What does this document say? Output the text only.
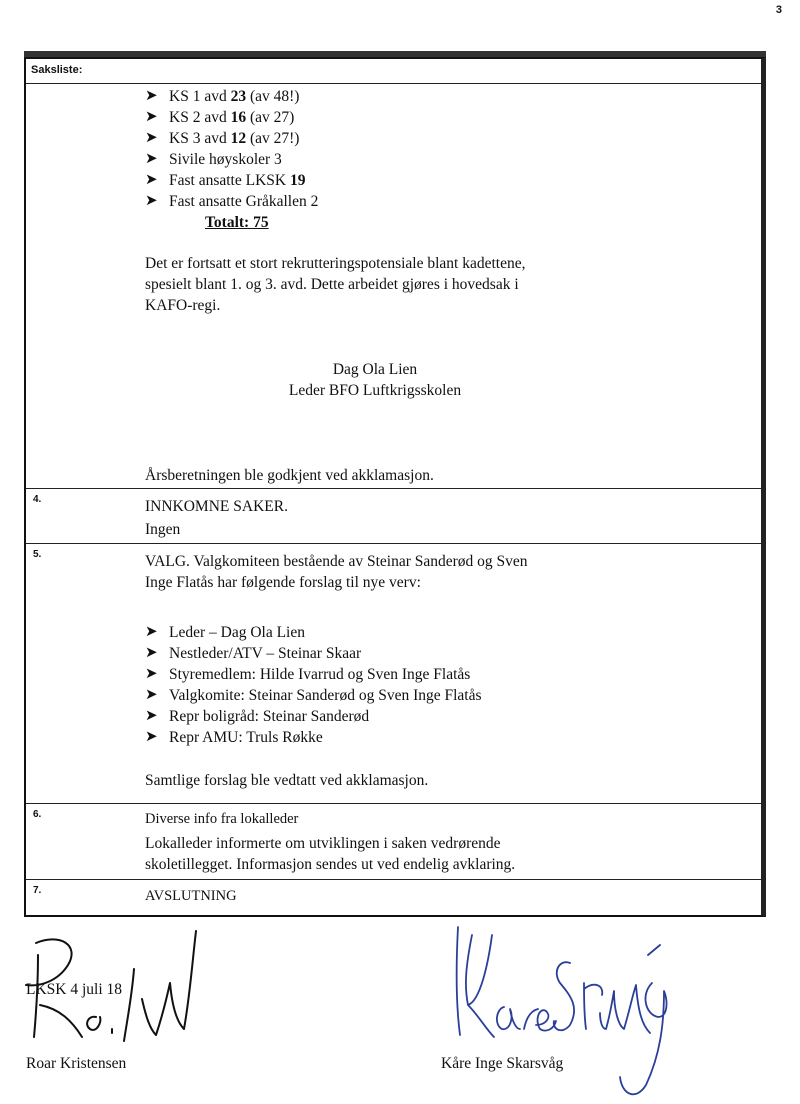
3
Saksliste:
➤ KS 1 avd 23 (av 48!)
➤ KS 2 avd 16 (av 27)
➤ KS 3 avd 12 (av 27!)
➤ Sivile høyskoler 3
➤ Fast ansatte LKSK 19
➤ Fast ansatte Gråkallen 2
Totalt: 75
Det er fortsatt et stort rekrutteringspotensiale blant kadettene,
spesielt blant 1. og 3. avd. Dette arbeidet gjøres i hovedsak i
KAFO-regi.
Dag Ola Lien
Leder BFO Luftkrigsskolen
Årsberetningen ble godkjent ved akklamasjon.
4.	INNKOMNE SAKER.
Ingen
5.	VALG. Valgkomiteen bestående av Steinar Sanderød og Sven
Inge Flatås har følgende forslag til nye verv:
➤ Leder – Dag Ola Lien
➤ Nestleder/ATV – Steinar Skaar
➤ Styremedlem: Hilde Ivarrud og Sven Inge Flatås
➤ Valgkomite: Steinar Sanderød og Sven Inge Flatås
➤ Repr boligråd: Steinar Sanderød
➤ Repr AMU: Truls Røkke
Samtlige forslag ble vedtatt ved akklamasjon.
6.	Diverse info fra lokalleder
Lokalleder informerte om utviklingen i saken vedrørende
skoletillegget. Informasjon sendes ut ved endelig avklaring.
7.	AVSLUTNING
LKSK 4 juli 18
Roar Kristensen	Kåre Inge Skarsvåg
